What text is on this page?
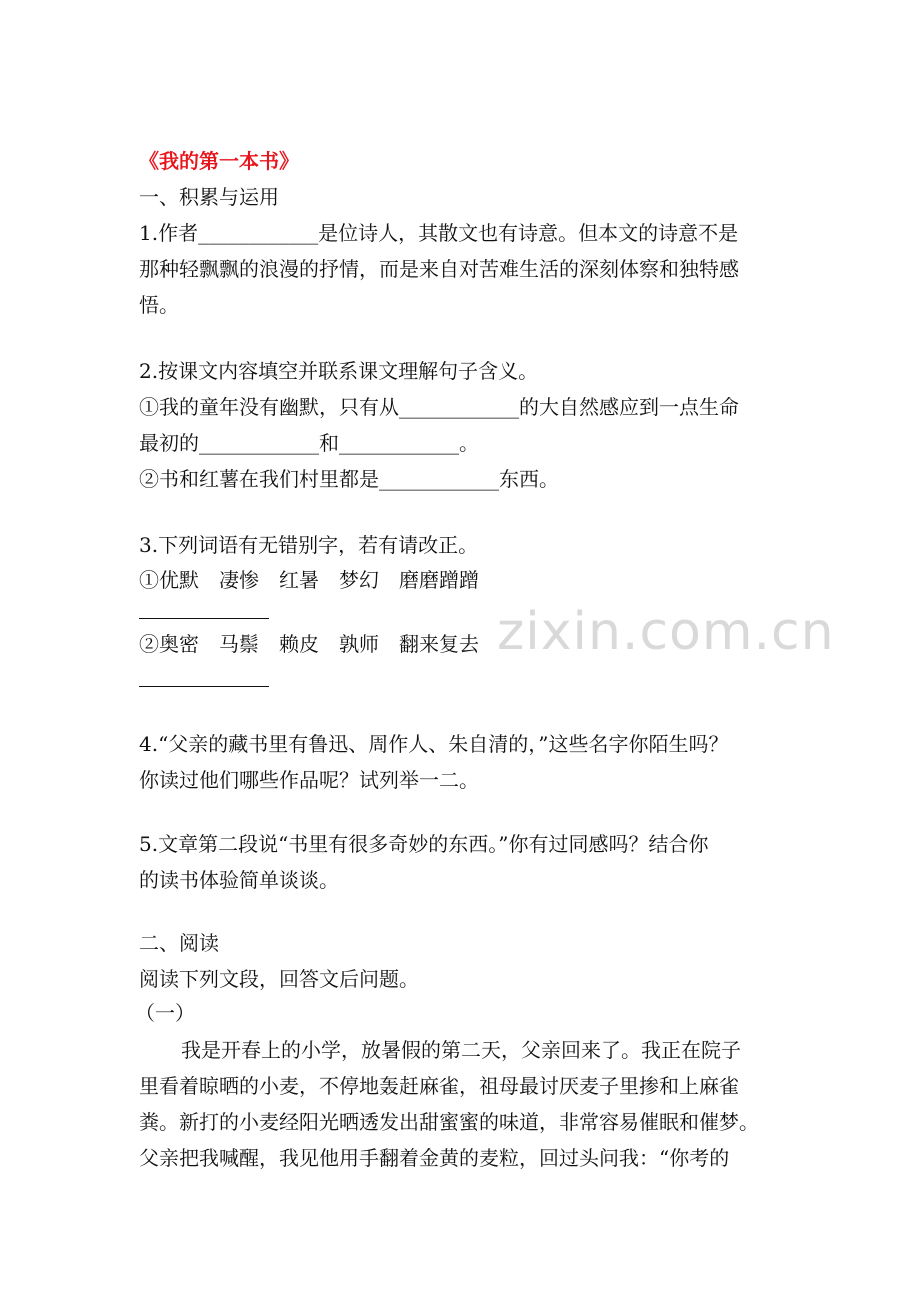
《我的第一本书》
一、积累与运用
1.作者____________是位诗人，其散文也有诗意。但本文的诗意不是
那种轻飘飘的浪漫的抒情，而是来自对苦难生活的深刻体察和独特感
悟。
2.按课文内容填空并联系课文理解句子含义。
①我的童年没有幽默，只有从____________的大自然感应到一点生命
最初的____________和____________。
②书和红薯在我们村里都是____________东西。
3.下列词语有无错别字，若有请改正。
①优默　凄惨　红暑　梦幻　磨磨蹭蹭
②奥密　马鬃　赖皮　孰师　翻来复去
4.“父亲的藏书里有鲁迅、周作人、朱自清的，”这些名字你陌生吗？
你读过他们哪些作品呢？试列举一二。
5.文章第二段说“书里有很多奇妙的东西。”你有过同感吗？结合你
的读书体验简单谈谈。
二、阅读
阅读下列文段，回答文后问题。
（一）
我是开春上的小学，放暑假的第二天，父亲回来了。我正在院子
里看着晾晒的小麦，不停地轰赶麻雀，祖母最讨厌麦子里掺和上麻雀
粪。新打的小麦经阳光晒透发出甜蜜蜜的味道，非常容易催眠和催梦。
父亲把我喊醒，我见他用手翻着金黄的麦粒，回过头问我：“你考的
zixin.com.cn
